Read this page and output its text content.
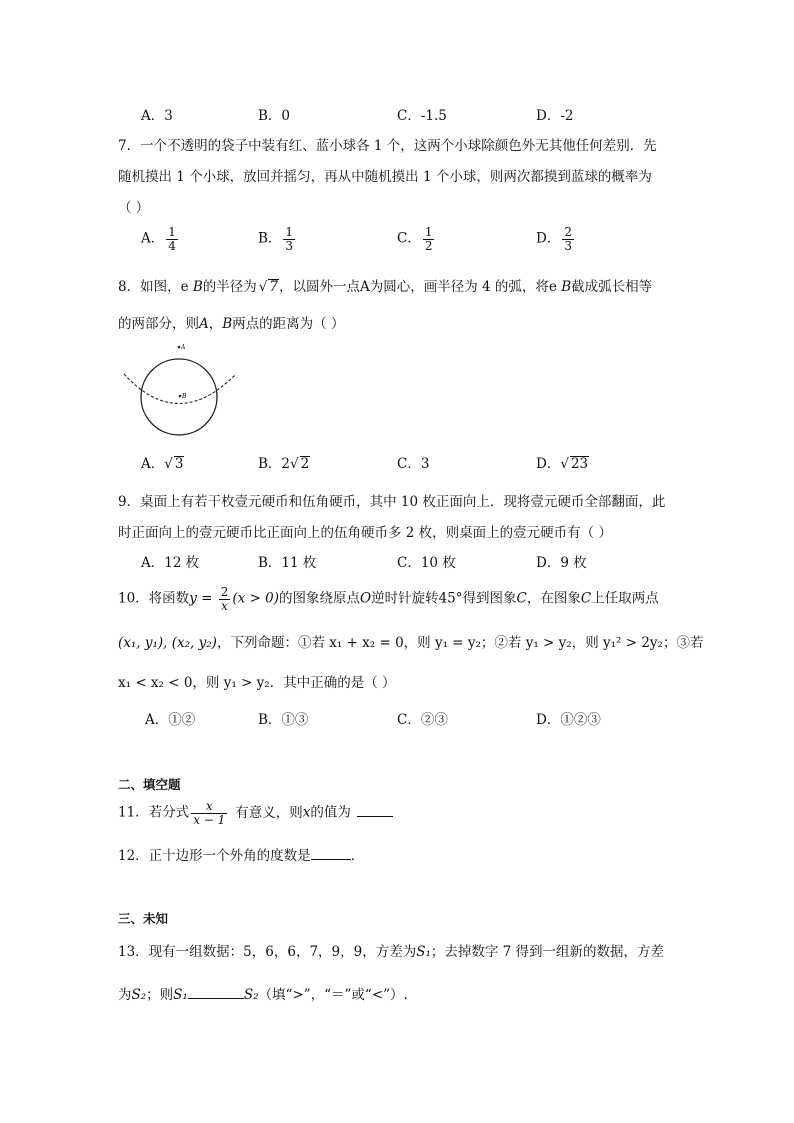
A．3	B．0	C．-1.5	D．-2
7．一个不透明的袋子中装有红、蓝小球各 1 个，这两个小球除颜色外无其他任何差别．先
随机摸出 1 个小球，放回并摇匀，再从中随机摸出 1 个小球，则两次都摸到蓝球的概率为
（ ）
A． $\frac{1}{4}$	B． $\frac{1}{3}$	C． $\frac{1}{2}$	D． $\frac{2}{3}$
8．如图，e B的半径为 √ 7，以圆外一点A为圆心，画半径为 4 的弧，将e B截成弧长相等
的两部分，则A，B两点的距离为（ ）
A
B
A．√ 3	B．2√ 2	C．3	D．√ 23
9．桌面上有若干枚壹元硬币和伍角硬币，其中 10 枚正面向上．现将壹元硬币全部翻面，此
时正面向上的壹元硬币比正面向上的伍角硬币多 2 枚，则桌面上的壹元硬币有（ ）
A．12 枚	B．11 枚	C．10 枚	D．9 枚
10．将函数$y = \frac{2}{x} (x > 0)$的图象绕原点O逆时针旋转45°得到图象C，在图象C上任取两点
(x₁, y₁), (x₂, y₂)，下列命题：①若 x₁ + x₂ = 0，则 y₁ = y₂；②若 y₁ > y₂，则 y₁² > 2y₂；③若
x₁ < x₂ < 0，则 y₁ > y₂．其中正确的是（ ）
A．①②	B．①③	C．②③	D．①②③
二、填空题
11．若分式 $\frac{x}{x - 1}$ 有意义，则x的值为
12．正十边形一个外角的度数是	．
三、未知
13．现有一组数据：5，6，6，7，9，9，方差为S₁；去掉数字 7 得到一组新的数据，方差
为S₂；则S₁	S₂（填“>”，“＝”或“<”）.
